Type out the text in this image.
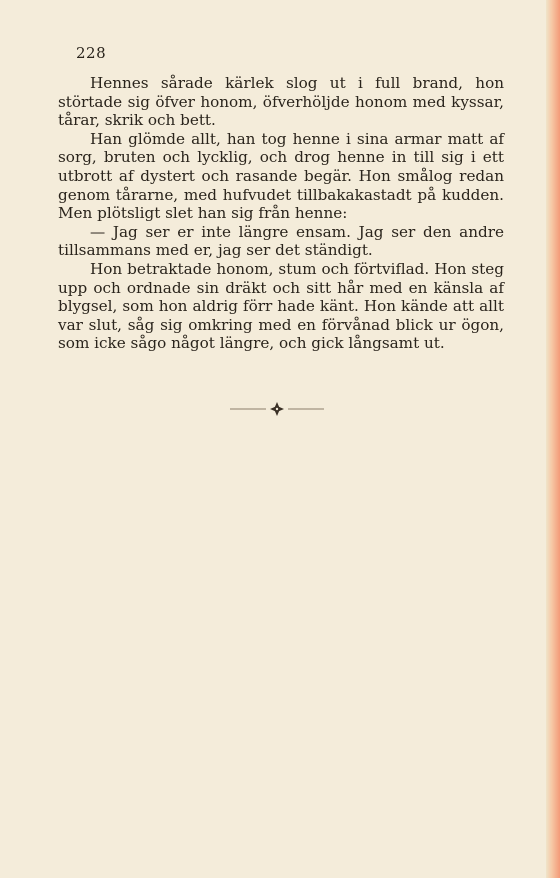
228

Hennes sårade kärlek slog ut i full brand, hon störtade sig öfver honom, öfverhöljde honom med kyssar, tårar, skrik och bett.

Han glömde allt, han tog henne i sina armar matt af sorg, bruten och lycklig, och drog henne in till sig i ett utbrott af dystert och rasande begär. Hon smålog redan genom tårarne, med hufvudet tillbakakastadt på kudden. Men plötsligt slet han sig från henne:

— Jag ser er inte längre ensam. Jag ser den andre tillsammans med er, jag ser det ständigt.

Hon betraktade honom, stum och förtviflad. Hon steg upp och ordnade sin dräkt och sitt hår med en känsla af blygsel, som hon aldrig förr hade känt. Hon kände att allt var slut, såg sig omkring med en förvånad blick ur ögon, som icke sågo något längre, och gick långsamt ut.
